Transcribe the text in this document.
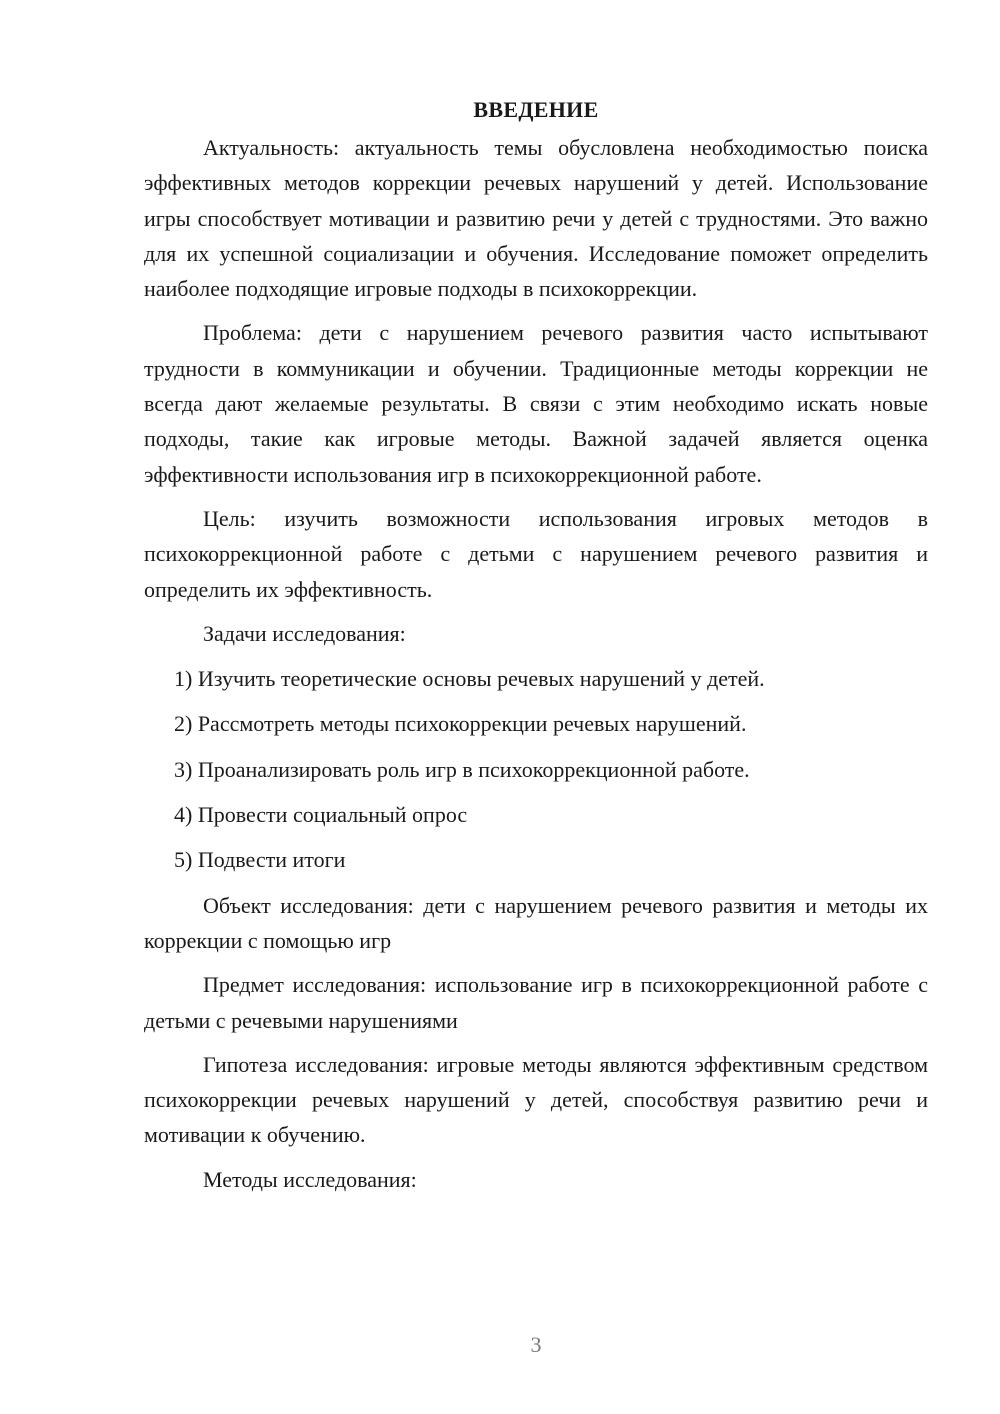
ВВЕДЕНИЕ

Актуальность: актуальность темы обусловлена необходимостью поиска эффективных методов коррекции речевых нарушений у детей. Использование игры способствует мотивации и развитию речи у детей с трудностями. Это важно для их успешной социализации и обучения. Исследование поможет определить наиболее подходящие игровые подходы в психокоррекции.

Проблема: дети с нарушением речевого развития часто испытывают трудности в коммуникации и обучении. Традиционные методы коррекции не всегда дают желаемые результаты. В связи с этим необходимо искать новые подходы, такие как игровые методы. Важной задачей является оценка эффективности использования игр в психокоррекционной работе.

Цель: изучить возможности использования игровых методов в психокоррекционной работе с детьми с нарушением речевого развития и определить их эффективность.

Задачи исследования:

1) Изучить теоретические основы речевых нарушений у детей.

2) Рассмотреть методы психокоррекции речевых нарушений.

3) Проанализировать роль игр в психокоррекционной работе.

4) Провести социальный опрос

5) Подвести итоги

Объект исследования: дети с нарушением речевого развития и методы их коррекции с помощью игр

Предмет исследования: использование игр в психокоррекционной работе с детьми с речевыми нарушениями

Гипотеза исследования: игровые методы являются эффективным средством психокоррекции речевых нарушений у детей, способствуя развитию речи и мотивации к обучению.

Методы исследования:

3
